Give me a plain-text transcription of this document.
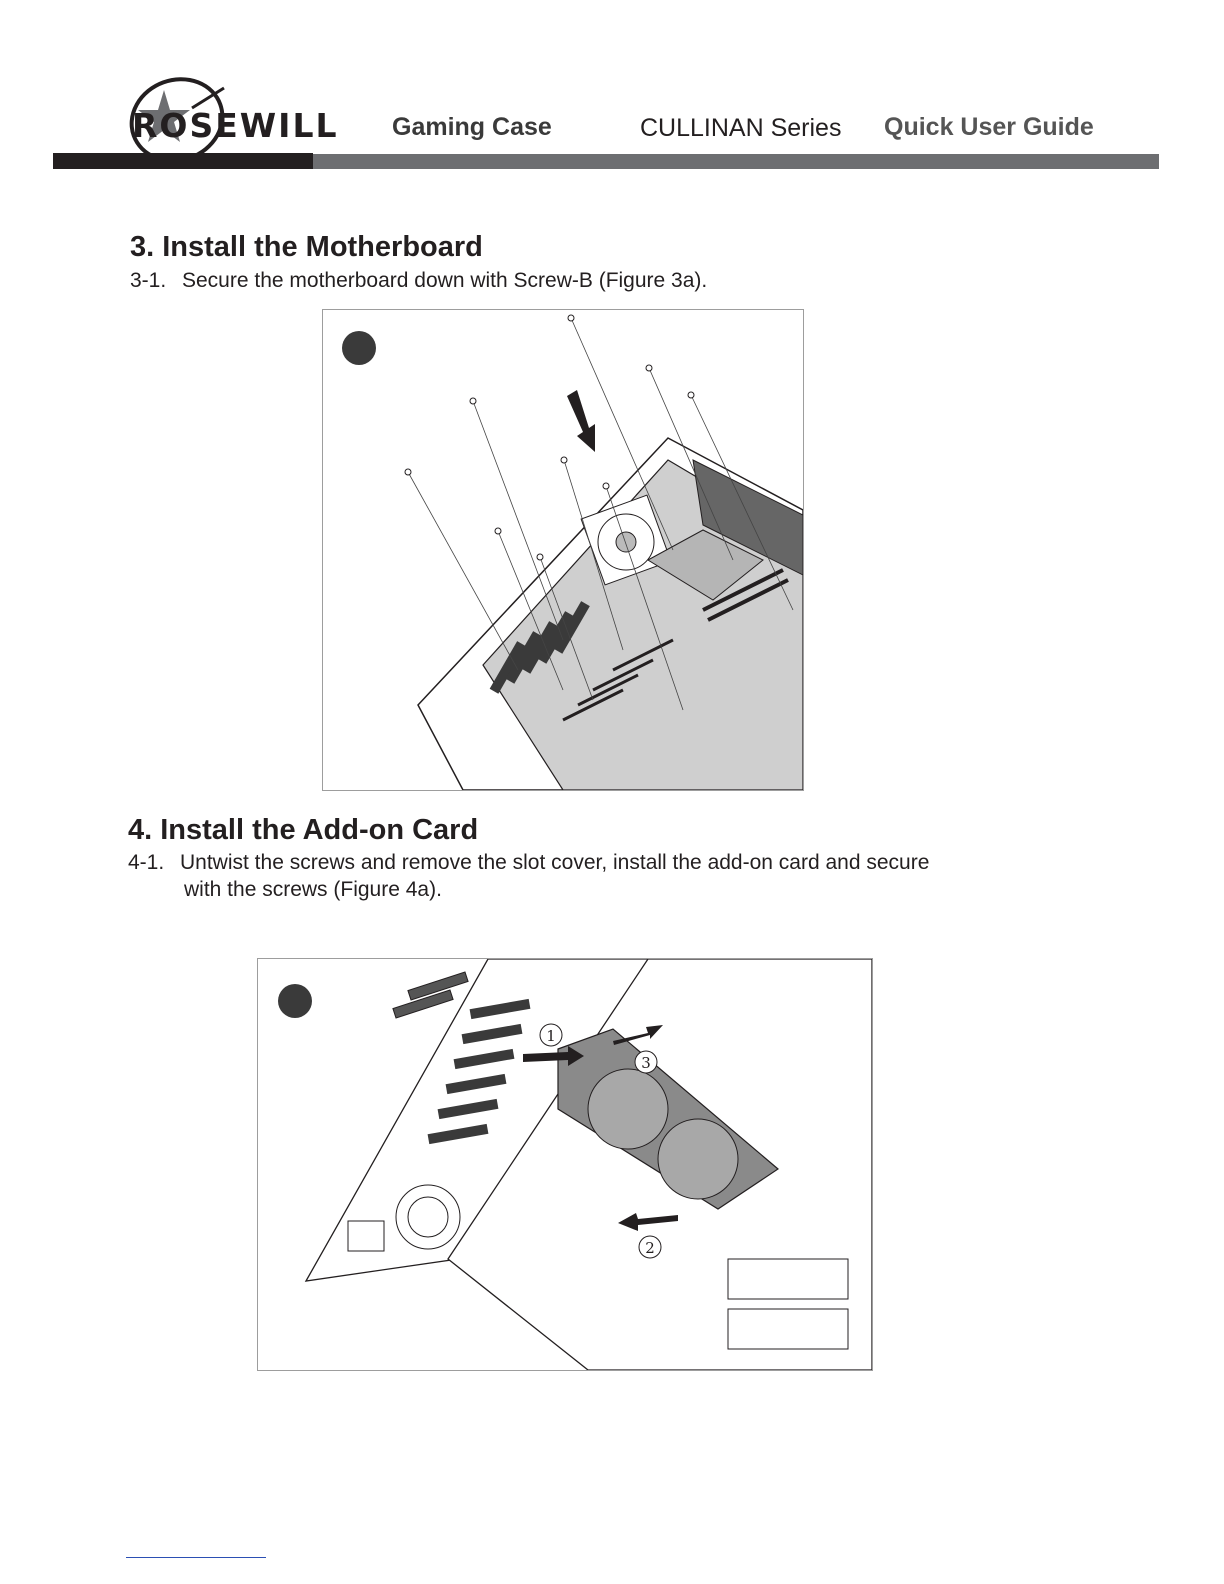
ROSEWILL Gaming Case	CULLINAN Series Quick User Guide
3. Install the Motherboard
3-1. Secure the motherboard down with Screw-B (Figure 3a).
4. Install the Add-on Card
4-1. Untwist the screws and remove the slot cover, install the add-on card and secure
with the screws (Figure 4a).
1
3
2
